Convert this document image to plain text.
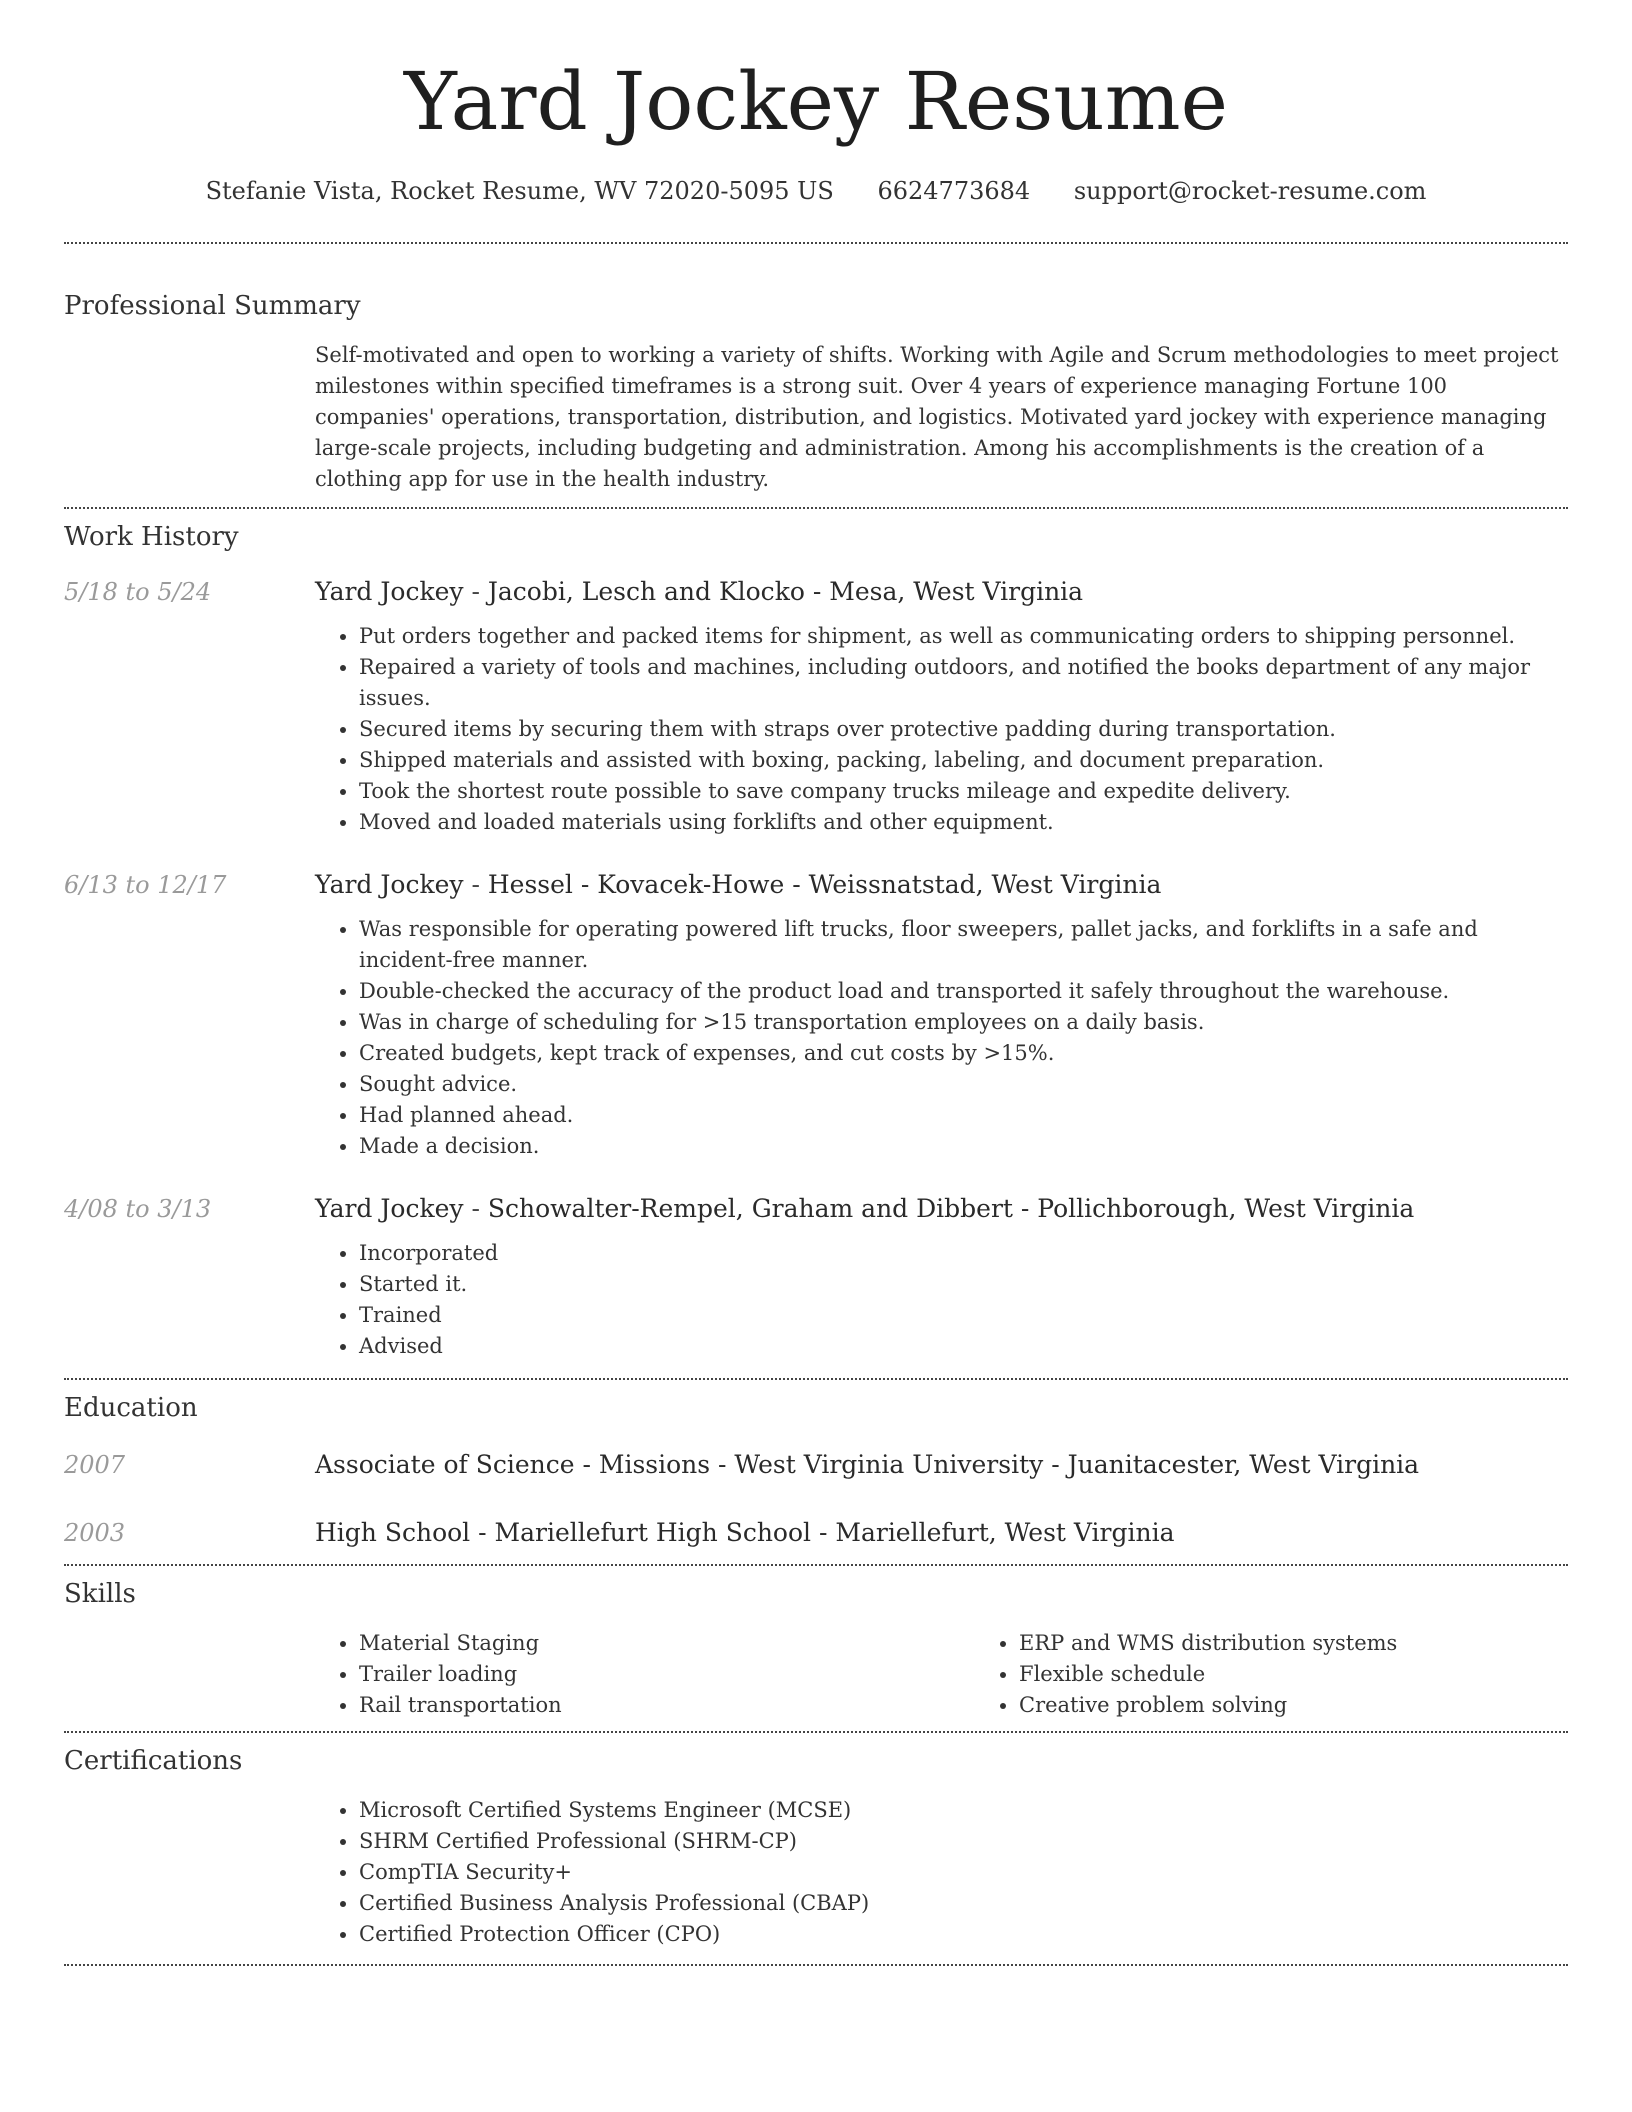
Yard Jockey Resume
Stefanie Vista, Rocket Resume, WV 72020-5095 US 6624773684 support@rocket-resume.com
Professional Summary

Self-motivated and open to working a variety of shifts. Working with Agile and Scrum methodologies to meet project milestones within specified timeframes is a strong suit. Over 4 years of experience managing Fortune 100 companies' operations, transportation, distribution, and logistics. Motivated yard jockey with experience managing large-scale projects, including budgeting and administration. Among his accomplishments is the creation of a clothing app for use in the health industry.

Work History
5/18 to 5/24	Yard Jockey - Jacobi, Lesch and Klocko - Mesa, West Virginia
• Put orders together and packed items for shipment, as well as communicating orders to shipping personnel.
• Repaired a variety of tools and machines, including outdoors, and notified the books department of any major issues.
• Secured items by securing them with straps over protective padding during transportation.
• Shipped materials and assisted with boxing, packing, labeling, and document preparation.
• Took the shortest route possible to save company trucks mileage and expedite delivery.
• Moved and loaded materials using forklifts and other equipment.
6/13 to 12/17	Yard Jockey - Hessel - Kovacek-Howe - Weissnatstad, West Virginia
• Was responsible for operating powered lift trucks, floor sweepers, pallet jacks, and forklifts in a safe and incident-free manner.
• Double-checked the accuracy of the product load and transported it safely throughout the warehouse.
• Was in charge of scheduling for >15 transportation employees on a daily basis.
• Created budgets, kept track of expenses, and cut costs by >15%.
• Sought advice.
• Had planned ahead.
• Made a decision.
4/08 to 3/13	Yard Jockey - Schowalter-Rempel, Graham and Dibbert - Pollichborough, West Virginia
• Incorporated
• Started it.
• Trained
• Advised
Education
2007	Associate of Science - Missions - West Virginia University - Juanitacester, West Virginia
2003	High School - Mariellefurt High School - Mariellefurt, West Virginia
Skills
• Material Staging
• Trailer loading
• Rail transportation
• ERP and WMS distribution systems
• Flexible schedule
• Creative problem solving
Certifications
• Microsoft Certified Systems Engineer (MCSE)
• SHRM Certified Professional (SHRM-CP)
• CompTIA Security+
• Certified Business Analysis Professional (CBAP)
• Certified Protection Officer (CPO)
